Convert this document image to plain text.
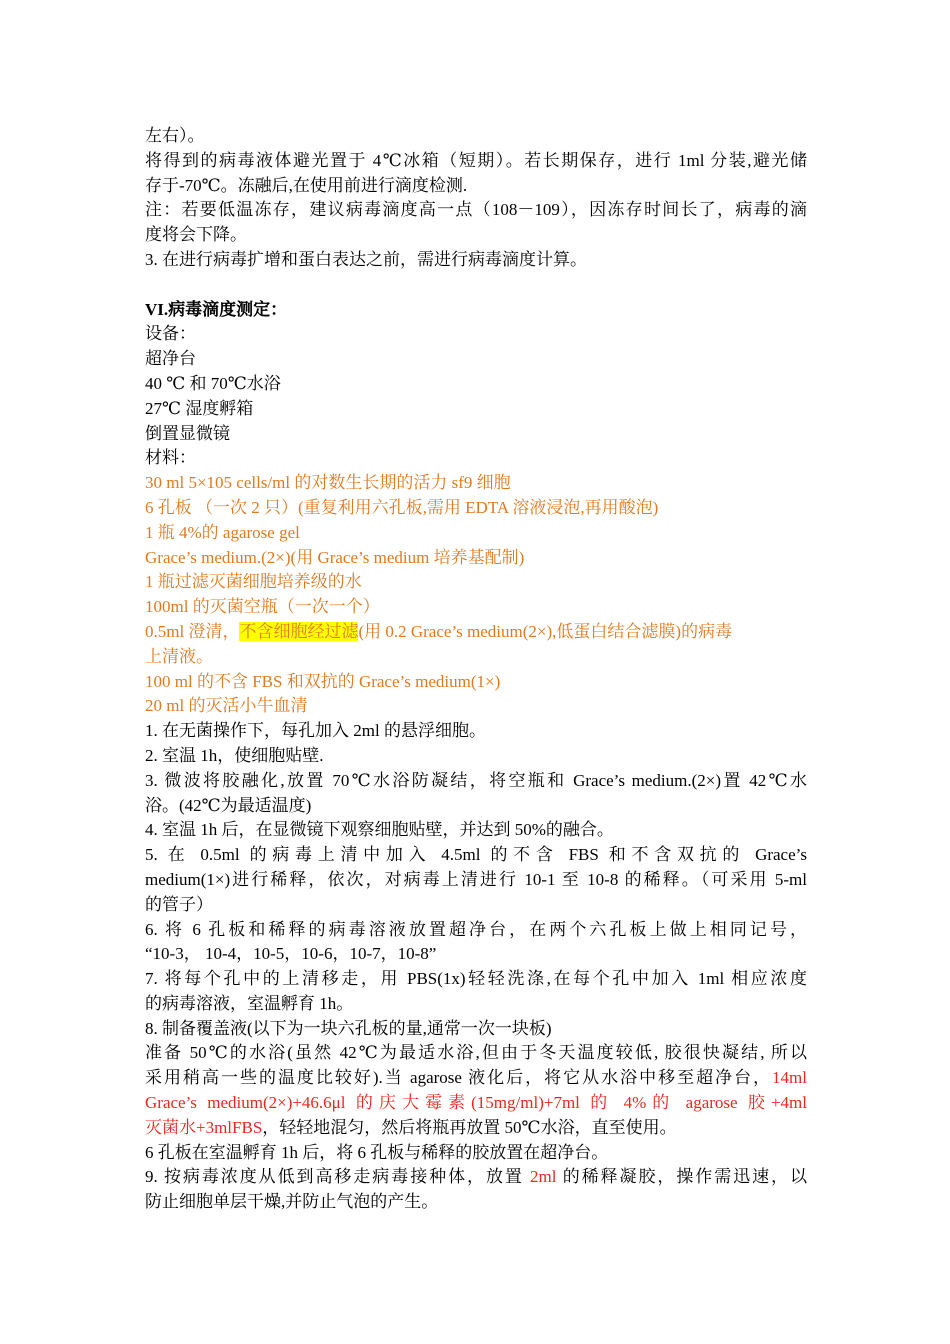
左右）。
将得到的病毒液体避光置于 4℃冰箱（短期）。若长期保存，进行 1ml 分装,避光储
存于-70℃。冻融后,在使用前进行滴度检测.
注：若要低温冻存，建议病毒滴度高一点（108－109），因冻存时间长了，病毒的滴
度将会下降。
3. 在进行病毒扩增和蛋白表达之前，需进行病毒滴度计算。
VI.病毒滴度测定：
设备：
超净台
40 ℃ 和 70℃水浴
27℃ 湿度孵箱
倒置显微镜
材料：
30 ml 5×105 cells/ml 的对数生长期的活力 sf9 细胞
6 孔板 （一次 2 只）(重复利用六孔板,需用 EDTA 溶液浸泡,再用酸泡)
1 瓶 4%的 agarose gel
Grace’s medium.(2×)(用 Grace’s medium 培养基配制)
1 瓶过滤灭菌细胞培养级的水
100ml 的灭菌空瓶（一次一个）
0.5ml 澄清，不含细胞经过滤(用 0.2 Grace’s medium(2×),低蛋白结合滤膜)的病毒
上清液。
100 ml 的不含 FBS 和双抗的 Grace’s medium(1×)
20 ml 的灭活小牛血清
1. 在无菌操作下，每孔加入 2ml 的悬浮细胞。
2. 室温 1h，使细胞贴壁.
3. 微波将胶融化,放置 70℃水浴防凝结，将空瓶和 Grace’s medium.(2×)置 42℃水
浴。(42℃为最适温度)
4. 室温 1h 后，在显微镜下观察细胞贴壁，并达到 50%的融合。
5. 在 0.5ml 的病毒上清中加入 4.5ml 的不含 FBS 和不含双抗的 Grace’s
medium(1×)进行稀释，依次，对病毒上清进行 10-1 至 10-8 的稀释。（可采用 5-ml
的管子）
6. 将 6 孔板和稀释的病毒溶液放置超净台，在两个六孔板上做上相同记号，
“10-3， 10-4，10-5，10-6，10-7，10-8”
7. 将每个孔中的上清移走，用 PBS(1x)轻轻洗涤,在每个孔中加入 1ml 相应浓度
的病毒溶液，室温孵育 1h。
8. 制备覆盖液(以下为一块六孔板的量,通常一次一块板)
准备 50℃的水浴(虽然 42℃为最适水浴,但由于冬天温度较低, 胶很快凝结, 所以
采用稍高一些的温度比较好).当 agarose 液化后，将它从水浴中移至超净台，14ml
Grace’s medium(2×)+46.6μl 的庆大霉素(15mg/ml)+7ml 的 4%的 agarose 胶+4ml
灭菌水+3mlFBS，轻轻地混匀，然后将瓶再放置 50℃水浴，直至使用。
6 孔板在室温孵育 1h 后，将 6 孔板与稀释的胶放置在超净台。
9. 按病毒浓度从低到高移走病毒接种体，放置 2ml 的稀释凝胶，操作需迅速，以
防止细胞单层干燥,并防止气泡的产生。
